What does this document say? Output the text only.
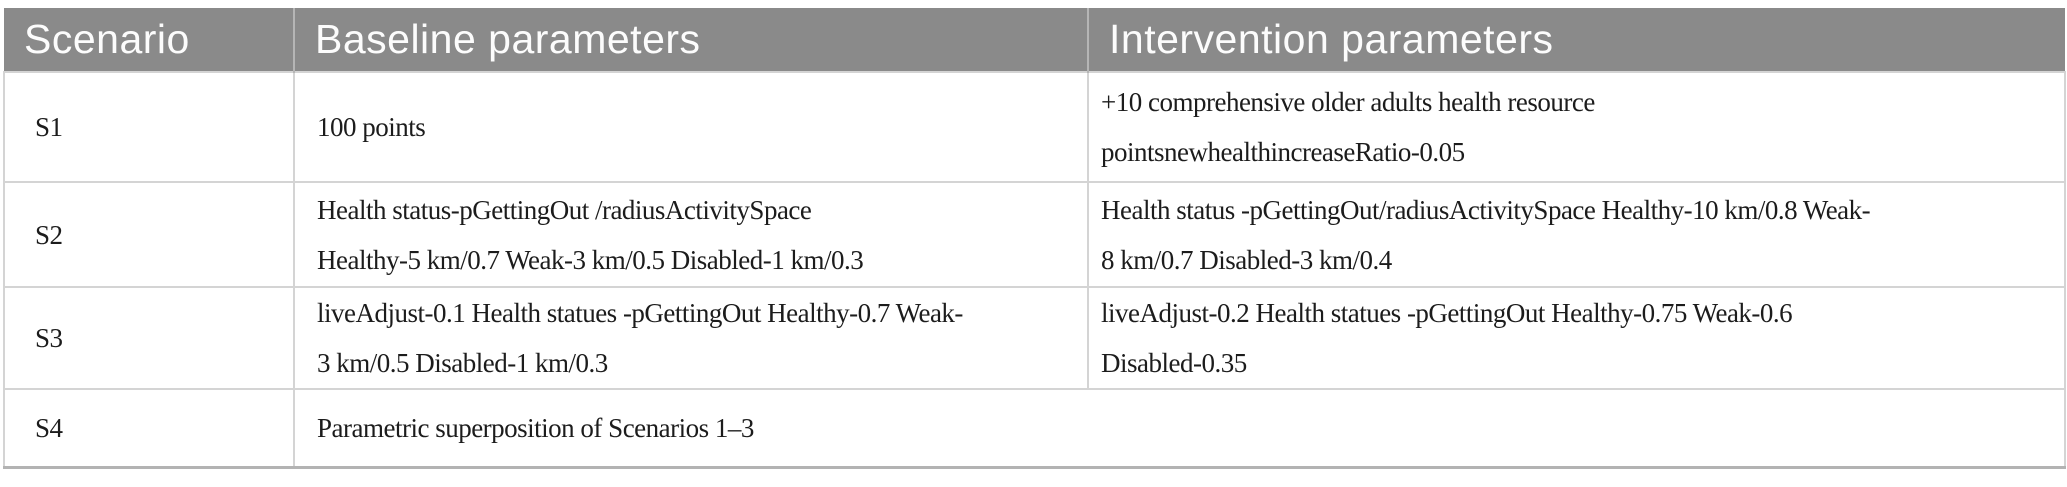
Scenario	Baseline parameters	Intervention parameters
S1	100 points	+10 comprehensive older adults health resource
pointsnewhealthincreaseRatio-0.05
S2	Health status-pGettingOut /radiusActivitySpace
Healthy-5 km/0.7 Weak-3 km/0.5 Disabled-1 km/0.3	Health status -pGettingOut/radiusActivitySpace Healthy-10 km/0.8 Weak-
8 km/0.7 Disabled-3 km/0.4
S3	liveAdjust-0.1 Health statues -pGettingOut Healthy-0.7 Weak-
3 km/0.5 Disabled-1 km/0.3	liveAdjust-0.2 Health statues -pGettingOut Healthy-0.75 Weak-0.6
Disabled-0.35
S4	Parametric superposition of Scenarios 1–3	
